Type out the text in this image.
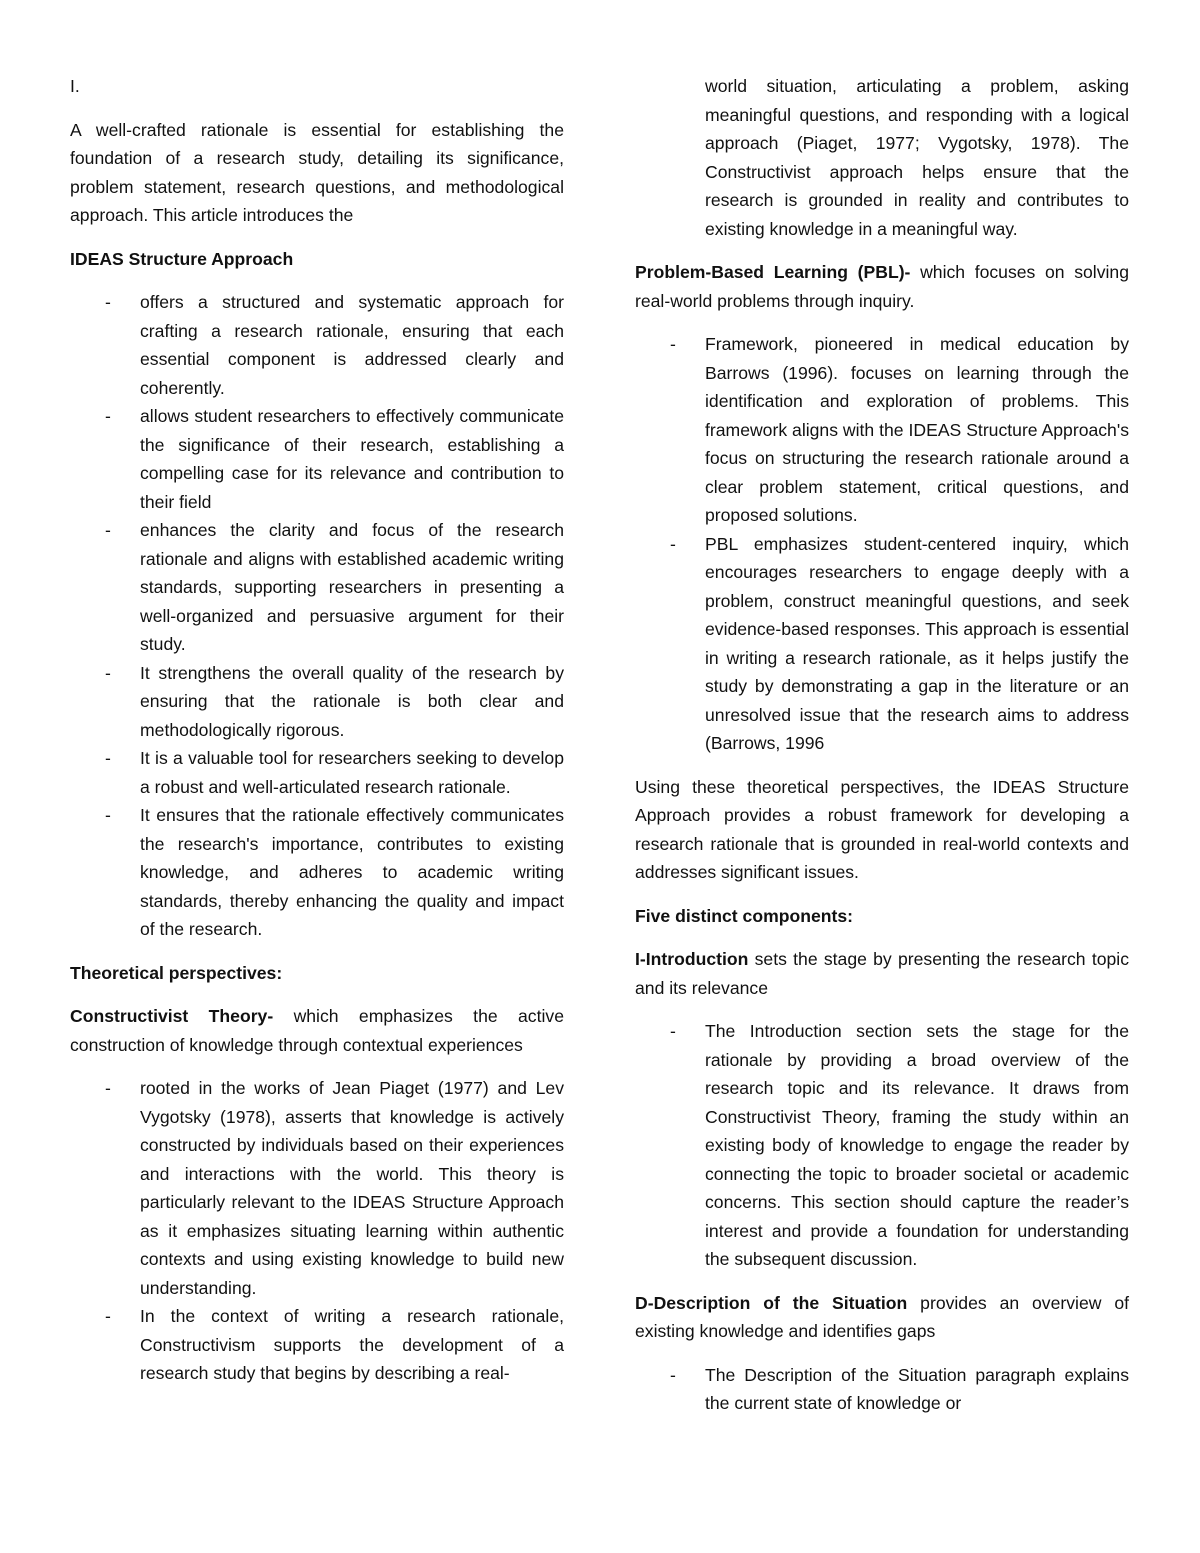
I.

A well-crafted rationale is essential for establishing the foundation of a research study, detailing its significance, problem statement, research questions, and methodological approach. This article introduces the

IDEAS Structure Approach

- offers a structured and systematic approach for crafting a research rationale, ensuring that each essential component is addressed clearly and coherently.
- allows student researchers to effectively communicate the significance of their research, establishing a compelling case for its relevance and contribution to their field
- enhances the clarity and focus of the research rationale and aligns with established academic writing standards, supporting researchers in presenting a well-organized and persuasive argument for their study.
- It strengthens the overall quality of the research by ensuring that the rationale is both clear and methodologically rigorous.
- It is a valuable tool for researchers seeking to develop a robust and well-articulated research rationale.
- It ensures that the rationale effectively communicates the research's importance, contributes to existing knowledge, and adheres to academic writing standards, thereby enhancing the quality and impact of the research.

Theoretical perspectives:

Constructivist Theory- which emphasizes the active construction of knowledge through contextual experiences

- rooted in the works of Jean Piaget (1977) and Lev Vygotsky (1978), asserts that knowledge is actively constructed by individuals based on their experiences and interactions with the world. This theory is particularly relevant to the IDEAS Structure Approach as it emphasizes situating learning within authentic contexts and using existing knowledge to build new understanding.
- In the context of writing a research rationale, Constructivism supports the development of a research study that begins by describing a real-
world situation, articulating a problem, asking meaningful questions, and responding with a logical approach (Piaget, 1977; Vygotsky, 1978). The Constructivist approach helps ensure that the research is grounded in reality and contributes to existing knowledge in a meaningful way.

Problem-Based Learning (PBL)- which focuses on solving real-world problems through inquiry.

- Framework, pioneered in medical education by Barrows (1996). focuses on learning through the identification and exploration of problems. This framework aligns with the IDEAS Structure Approach's focus on structuring the research rationale around a clear problem statement, critical questions, and proposed solutions.
- PBL emphasizes student-centered inquiry, which encourages researchers to engage deeply with a problem, construct meaningful questions, and seek evidence-based responses. This approach is essential in writing a research rationale, as it helps justify the study by demonstrating a gap in the literature or an unresolved issue that the research aims to address (Barrows, 1996

Using these theoretical perspectives, the IDEAS Structure Approach provides a robust framework for developing a research rationale that is grounded in real-world contexts and addresses significant issues.

Five distinct components:

I-Introduction sets the stage by presenting the research topic and its relevance

- The Introduction section sets the stage for the rationale by providing a broad overview of the research topic and its relevance. It draws from Constructivist Theory, framing the study within an existing body of knowledge to engage the reader by connecting the topic to broader societal or academic concerns. This section should capture the reader’s interest and provide a foundation for understanding the subsequent discussion.

D-Description of the Situation provides an overview of existing knowledge and identifies gaps

- The Description of the Situation paragraph explains the current state of knowledge or
